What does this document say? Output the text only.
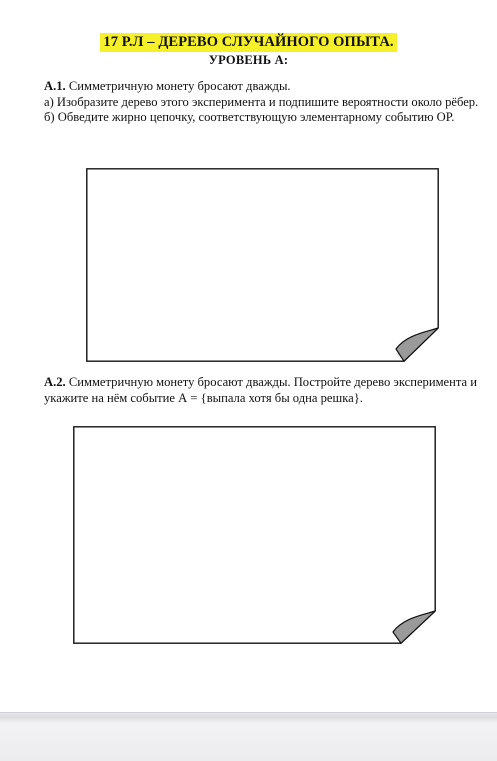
17 Р.Л – ДЕРЕВО СЛУЧАЙНОГО ОПЫТА.
УРОВЕНЬ А:

А.1. Симметричную монету бросают дважды.

а) Изобразите дерево этого эксперимента и подпишите вероятности около рёбер.

б) Обведите жирно цепочку, соответствующую элементарному событию ОР.

А.2. Симметричную монету бросают дважды. Постройте дерево эксперимента и укажите на нём событие А = {выпала хотя бы одна решка}.
